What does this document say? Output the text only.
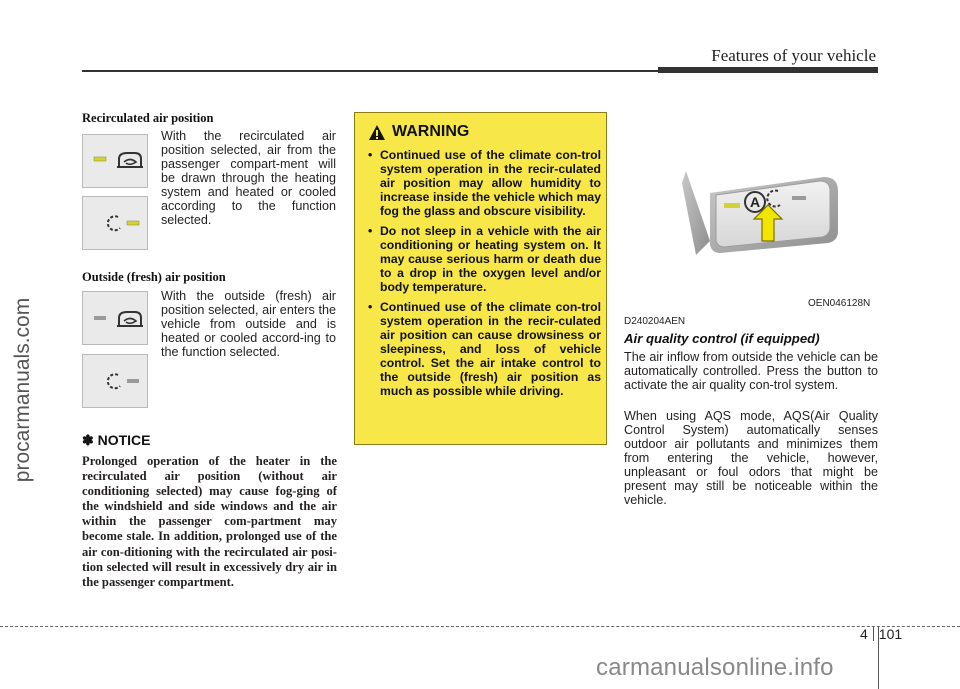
Features of your vehicle
procarmanuals.com
Recirculated air position
With the recirculated air position selected, air from the passenger compart-ment will be drawn through the heating system and heated or cooled according to the function selected.
Outside (fresh) air position
With the outside (fresh) air position selected, air enters the vehicle from outside and is heated or cooled accord-ing to the function selected.
✽ NOTICE
Prolonged operation of the heater in the recirculated air position (without air conditioning selected) may cause fog-ging of the windshield and side windows and the air within the passenger com-partment may become stale. In addition, prolonged use of the air con-ditioning with the recirculated air posi-tion selected will result in excessively dry air in the passenger compartment.
WARNING
• Continued use of the climate con-trol system operation in the recir-culated air position may allow humidity to increase inside the vehicle which may fog the glass and obscure visibility.
• Do not sleep in a vehicle with the air conditioning or heating system on. It may cause serious harm or death due to a drop in the oxygen level and/or body temperature.
• Continued use of the climate con-trol system operation in the recir-culated air position can cause drowsiness or sleepiness, and loss of vehicle control. Set the air intake control to the outside (fresh) air position as much as possible while driving.
A
OEN046128N
D240204AEN
Air quality control (if equipped)
The air inflow from outside the vehicle can be automatically controlled. Press the button to activate the air quality con-trol system.
When using AQS mode, AQS(Air Quality Control System) automatically senses outdoor air pollutants and minimizes them from entering the vehicle, however, unpleasant or foul odors that might be present may still be noticeable within the vehicle.
4 101
carmanualsonline.info
